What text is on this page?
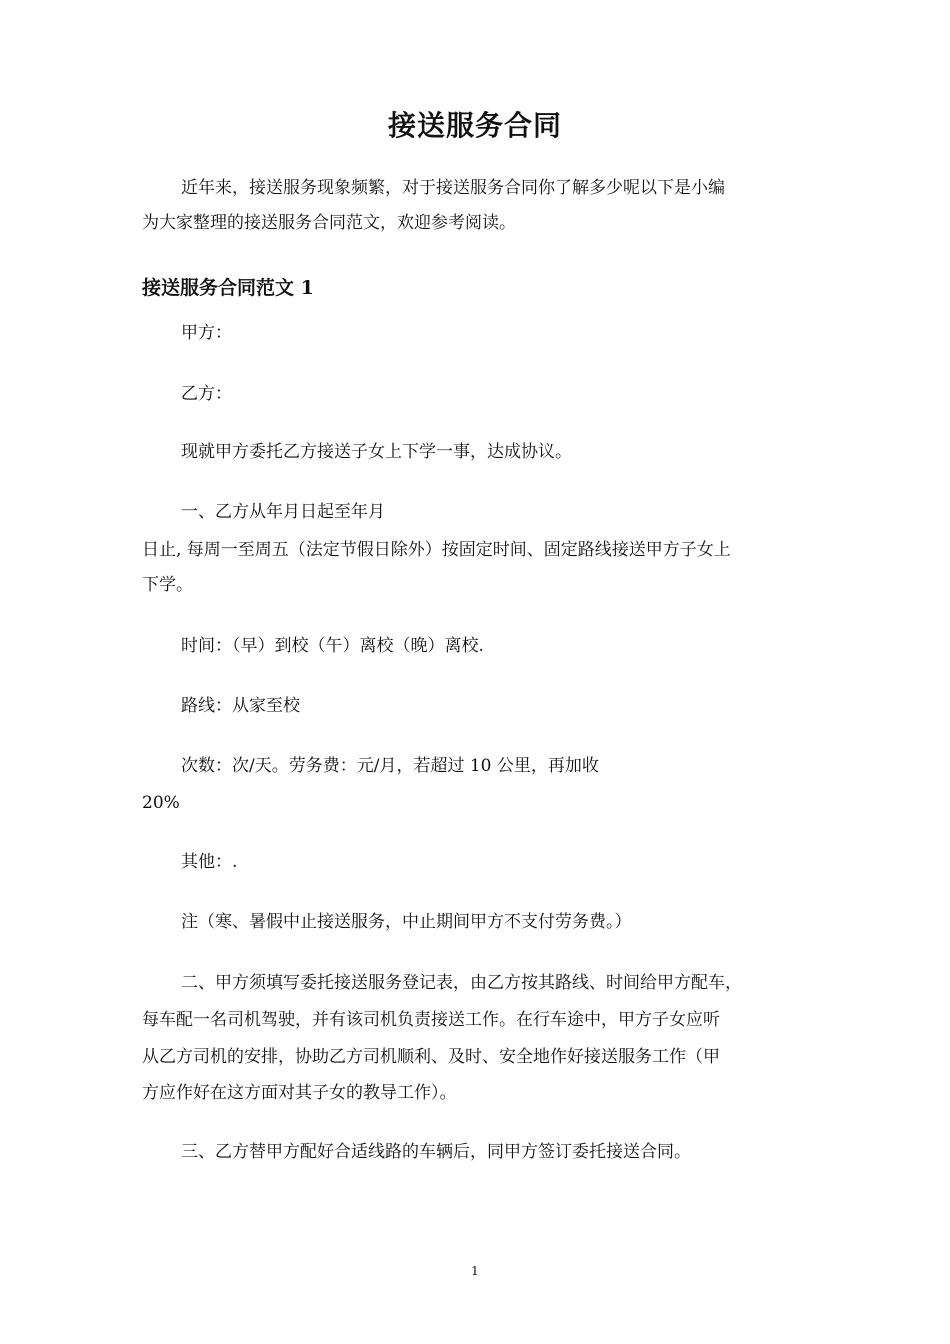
接送服务合同

近年来，接送服务现象频繁，对于接送服务合同你了解多少呢以下是小编

为大家整理的接送服务合同范文，欢迎参考阅读。

接送服务合同范文 1

甲方：

乙方：

现就甲方委托乙方接送子女上下学一事，达成协议。

一、乙方从年月日起至年月

日止, 每周一至周五（法定节假日除外）按固定时间、固定路线接送甲方子女上

下学。

时间：（早）到校（午）离校（晚）离校.

路线：从家至校

次数：次/天。劳务费：元/月，若超过 10 公里，再加收

20%

其他：.

注（寒、暑假中止接送服务，中止期间甲方不支付劳务费。）

二、甲方须填写委托接送服务登记表，由乙方按其路线、时间给甲方配车，

每车配一名司机驾驶，并有该司机负责接送工作。在行车途中，甲方子女应听

从乙方司机的安排，协助乙方司机顺利、及时、安全地作好接送服务工作（甲

方应作好在这方面对其子女的教导工作）。

三、乙方替甲方配好合适线路的车辆后，同甲方签订委托接送合同。

1
